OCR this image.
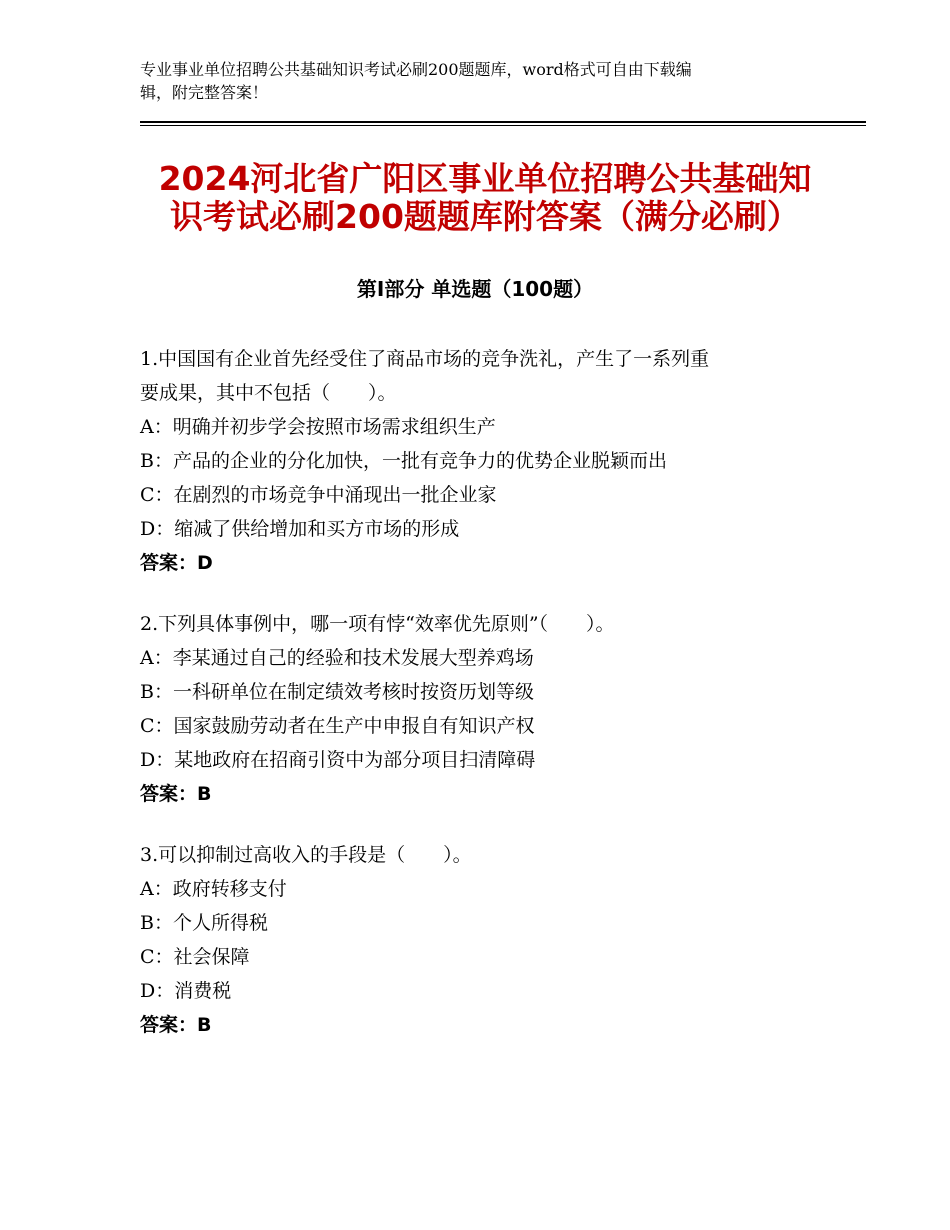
专业事业单位招聘公共基础知识考试必刷200题题库，word格式可自由下载编
辑，附完整答案！
2024河北省广阳区事业单位招聘公共基础知
识考试必刷200题题库附答案（满分必刷）
第Ⅰ部分 单选题（100题）
1.中国国有企业首先经受住了商品市场的竞争洗礼，产生了一系列重
要成果，其中不包括（　　）。
A：明确并初步学会按照市场需求组织生产
B：产品的企业的分化加快，一批有竞争力的优势企业脱颖而出
C：在剧烈的市场竞争中涌现出一批企业家
D：缩减了供给增加和买方市场的形成
答案：D
2.下列具体事例中，哪一项有悖“效率优先原则”（　　）。
A：李某通过自己的经验和技术发展大型养鸡场
B：一科研单位在制定绩效考核时按资历划等级
C：国家鼓励劳动者在生产中申报自有知识产权
D：某地政府在招商引资中为部分项目扫清障碍
答案：B
3.可以抑制过高收入的手段是（　　）。
A：政府转移支付
B：个人所得税
C：社会保障
D：消费税
答案：B
